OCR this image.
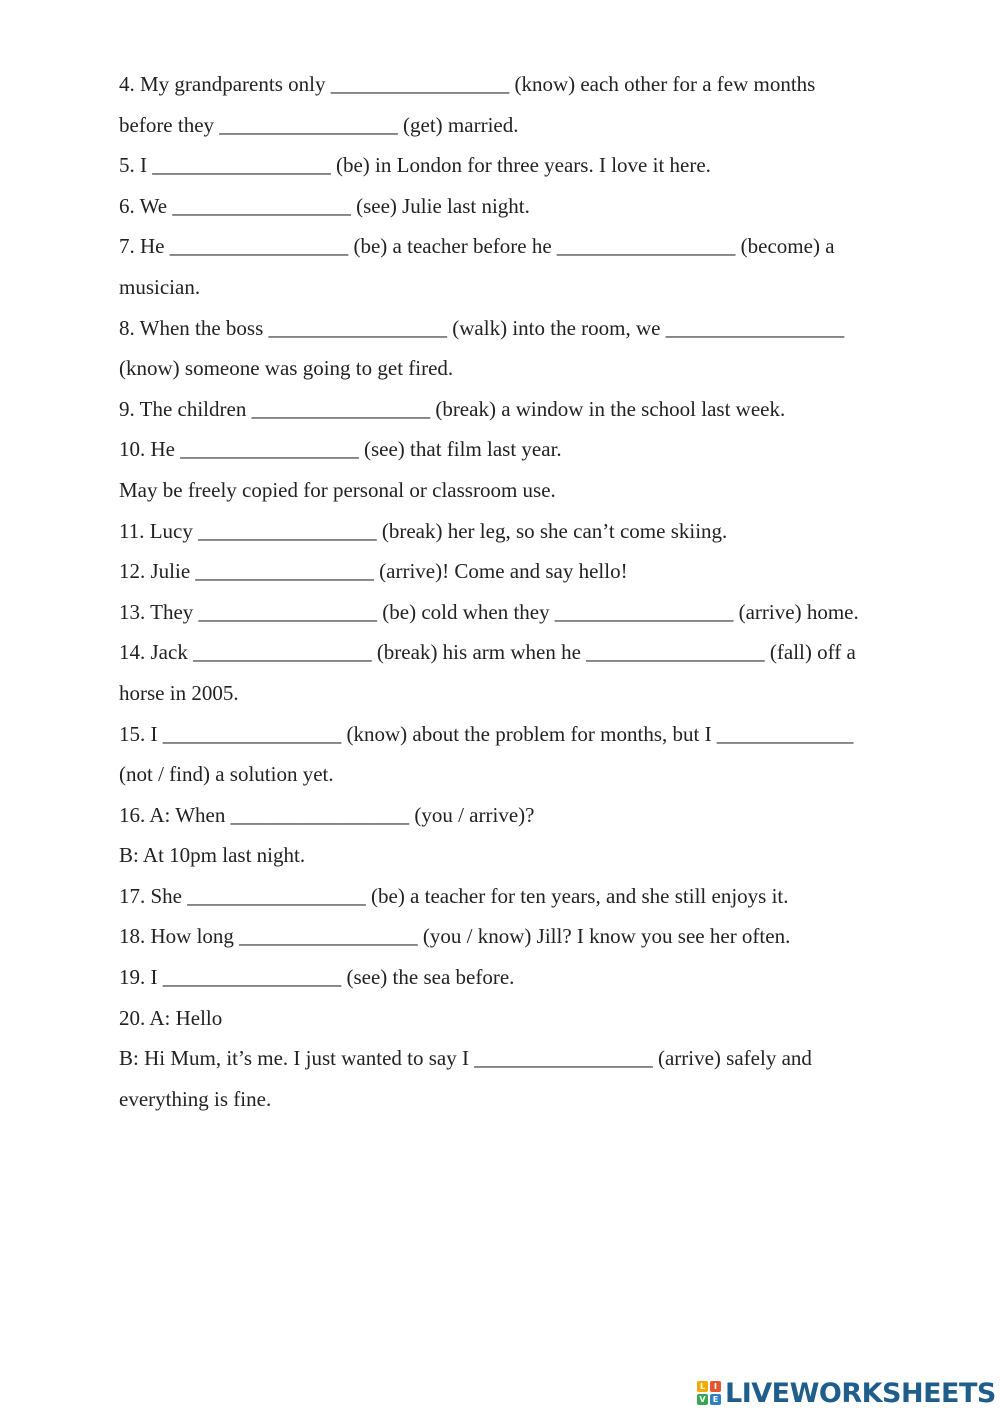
4. My grandparents only _________________ (know) each other for a few months
before they _________________ (get) married.
5. I _________________ (be) in London for three years. I love it here.
6. We _________________ (see) Julie last night.
7. He _________________ (be) a teacher before he _________________ (become) a
musician.
8. When the boss _________________ (walk) into the room, we _________________
(know) someone was going to get fired.
9. The children _________________ (break) a window in the school last week.
10. He _________________ (see) that film last year.
May be freely copied for personal or classroom use.
11. Lucy _________________ (break) her leg, so she can’t come skiing.
12. Julie _________________ (arrive)! Come and say hello!
13. They _________________ (be) cold when they _________________ (arrive) home.
14. Jack _________________ (break) his arm when he _________________ (fall) off a
horse in 2005.
15. I _________________ (know) about the problem for months, but I _____________
(not / find) a solution yet.
16. A: When _________________ (you / arrive)?
B: At 10pm last night.
17. She _________________ (be) a teacher for ten years, and she still enjoys it.
18. How long _________________ (you / know) Jill? I know you see her often.
19. I _________________ (see) the sea before.
20. A: Hello
B: Hi Mum, it’s me. I just wanted to say I _________________ (arrive) safely and
everything is fine.
L	I
V E LIVEWORKSHEETS
